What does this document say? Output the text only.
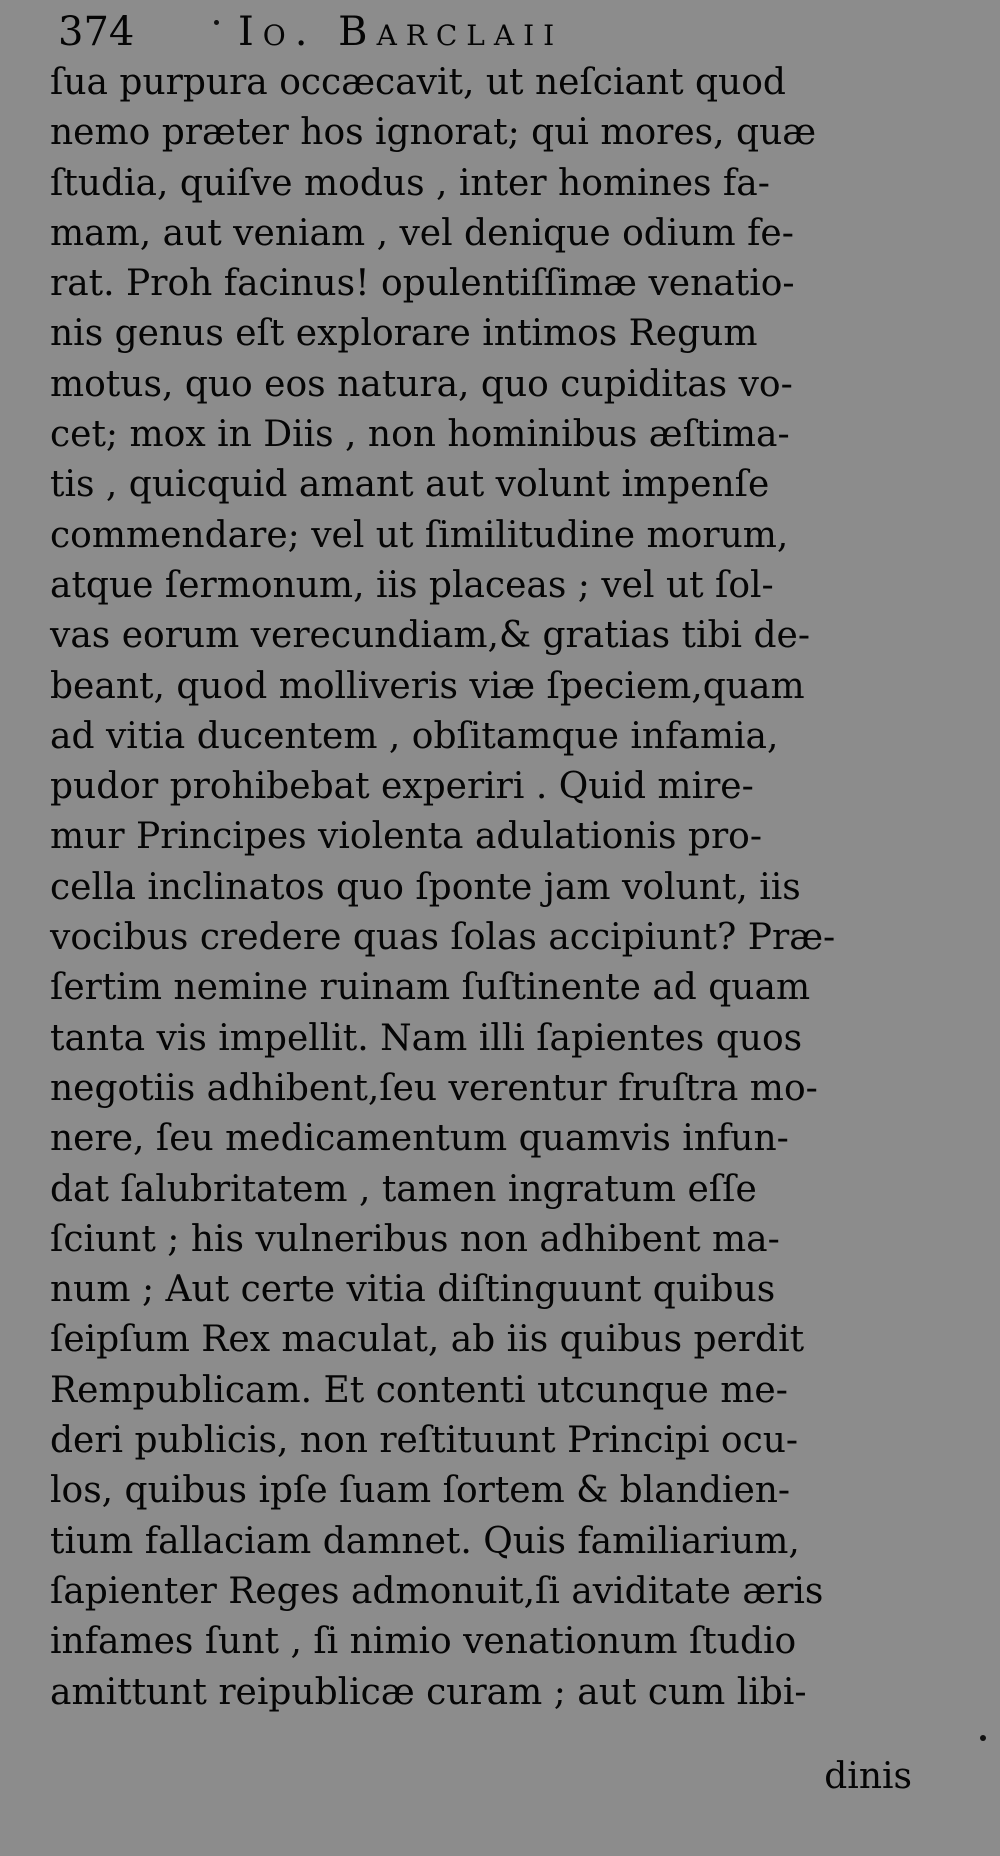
374	Io. Barclaii
ſua purpura occæcavit, ut neſciant quod
nemo præter hos ignorat; qui mores, quæ
ſtudia, quiſve modus , inter homines fa-
mam, aut veniam , vel denique odium fe-
rat. Proh facinus! opulentiſſimæ venatio-
nis genus eſt explorare intimos Regum
motus, quo eos natura, quo cupiditas vo-
cet; mox in Diis , non hominibus æſtima-
tis , quicquid amant aut volunt impenſe
commendare; vel ut ſimilitudine morum,
atque ſermonum, iis placeas ; vel ut ſol-
vas eorum verecundiam,& gratias tibi de-
beant, quod molliveris viæ ſpeciem,quam
ad vitia ducentem , obſitamque infamia,
pudor prohibebat experiri . Quid mire-
mur Principes violenta adulationis pro-
cella inclinatos quo ſponte jam volunt, iis
vocibus credere quas ſolas accipiunt? Præ-
ſertim nemine ruinam ſuſtinente ad quam
tanta vis impellit. Nam illi ſapientes quos
negotiis adhibent,ſeu verentur fruſtra mo-
nere, ſeu medicamentum quamvis infun-
dat ſalubritatem , tamen ingratum eſſe
ſciunt ; his vulneribus non adhibent ma-
num ; Aut certe vitia diſtinguunt quibus
ſeipſum Rex maculat, ab iis quibus perdit
Rempublicam. Et contenti utcunque me-
deri publicis, non reſtituunt Principi ocu-
los, quibus ipſe ſuam ſortem & blandien-
tium fallaciam damnet. Quis familiarium,
ſapienter Reges admonuit,ſi aviditate æris
infames ſunt , ſi nimio venationum ſtudio
amittunt reipublicæ curam ; aut cum libi-
dinis
